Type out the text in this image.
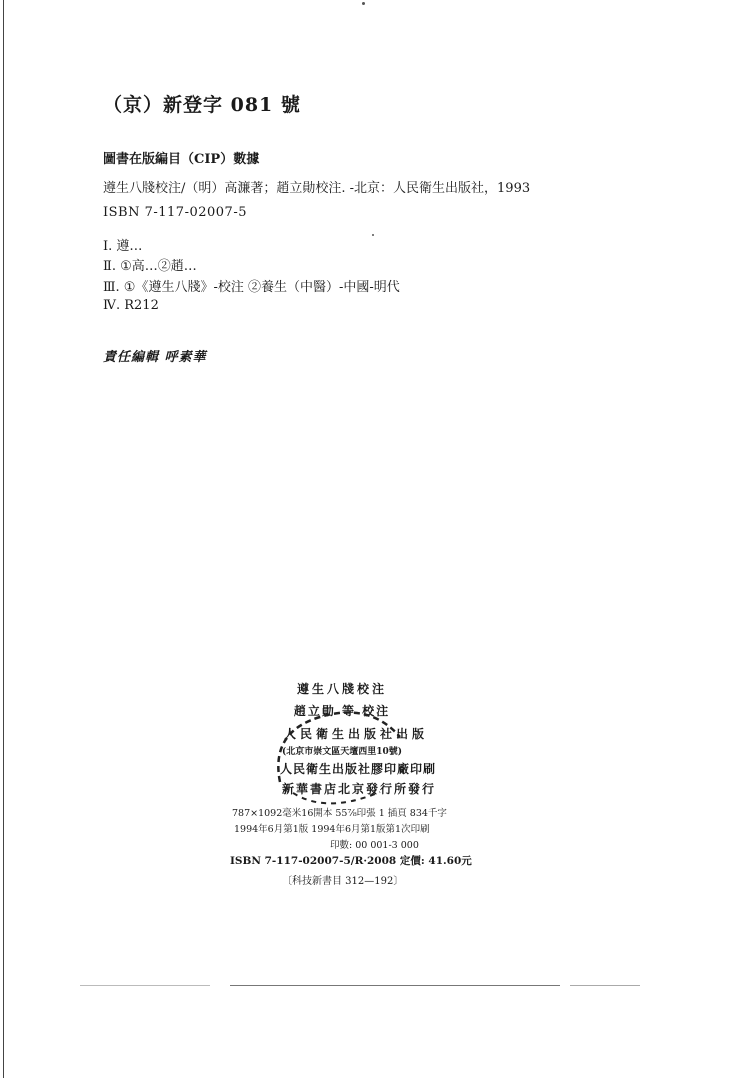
（京）新登字 081 號
圖書在版編目（CIP）數據
遵生八牋校注/（明）高濂著；趙立勛校注. -北京：人民衛生出版社，1993
ISBN 7-117-02007-5
Ⅰ. 遵…
Ⅱ. ①高…②趙…
Ⅲ. ①《遵生八牋》-校注 ②養生（中醫）-中國-明代
Ⅳ. R212
責任編輯 呼素華
遵生八牋校注
趙立勛 等 校注
人民衛生出版社出版
(北京市崇文區天壇西里10號)
人民衛生出版社膠印廠印刷
新華書店北京發行所發行
787×1092毫米16開本 55⅞印張 1 插頁 834千字
1994年6月第1版 1994年6月第1版第1次印刷
印數: 00 001-3 000
ISBN 7-117-02007-5/R·2008 定價: 41.60元
〔科技新書目 312—192〕
